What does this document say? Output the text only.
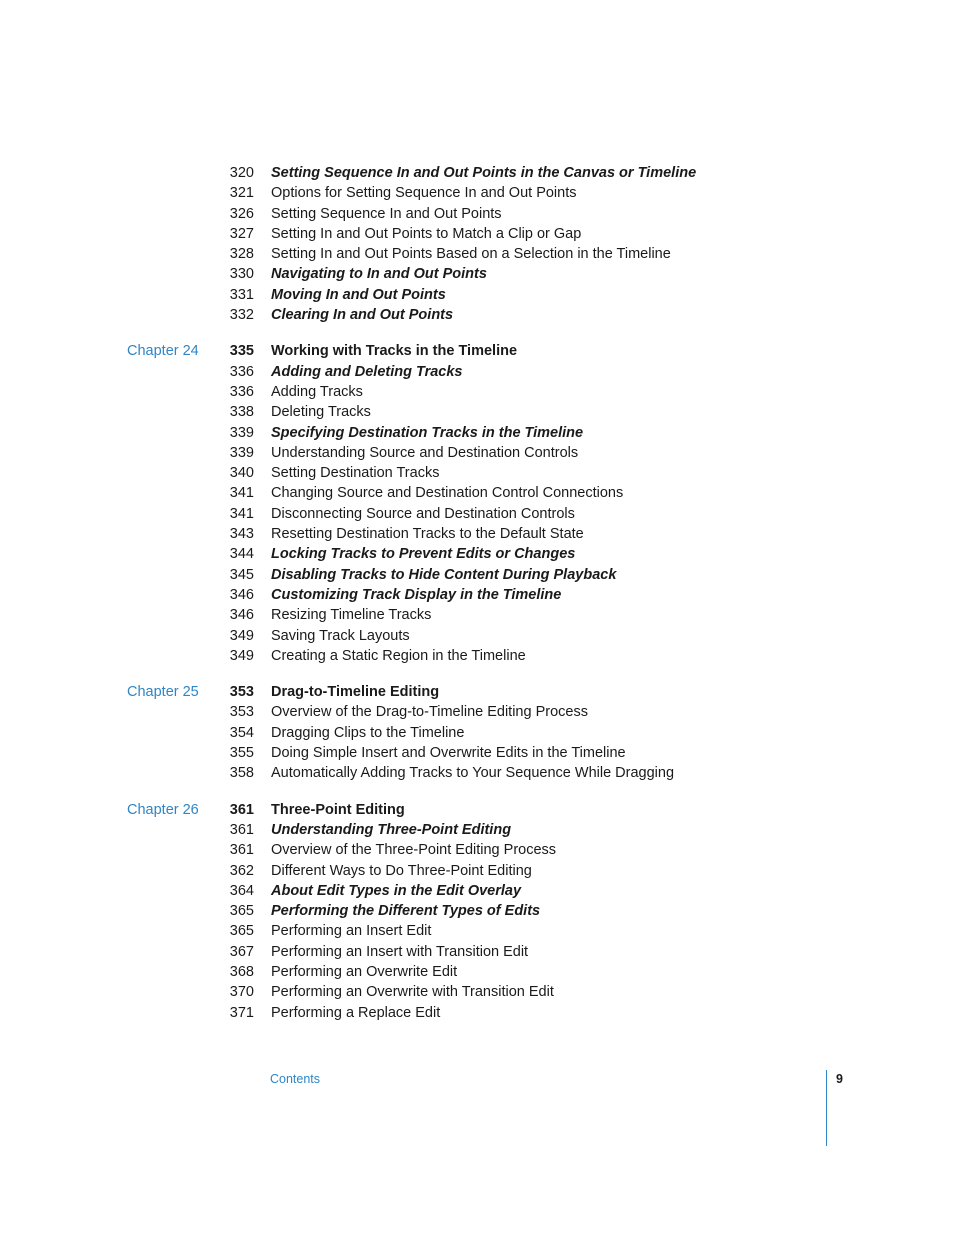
320 Setting Sequence In and Out Points in the Canvas or Timeline
321 Options for Setting Sequence In and Out Points
326 Setting Sequence In and Out Points
327 Setting In and Out Points to Match a Clip or Gap
328 Setting In and Out Points Based on a Selection in the Timeline
330 Navigating to In and Out Points
331 Moving In and Out Points
332 Clearing In and Out Points
Chapter 24	335 Working with Tracks in the Timeline
336 Adding and Deleting Tracks
336 Adding Tracks
338 Deleting Tracks
339 Specifying Destination Tracks in the Timeline
339 Understanding Source and Destination Controls
340 Setting Destination Tracks
341 Changing Source and Destination Control Connections
341 Disconnecting Source and Destination Controls
343 Resetting Destination Tracks to the Default State
344 Locking Tracks to Prevent Edits or Changes
345 Disabling Tracks to Hide Content During Playback
346 Customizing Track Display in the Timeline
346 Resizing Timeline Tracks
349 Saving Track Layouts
349 Creating a Static Region in the Timeline
Chapter 25	353 Drag-to-Timeline Editing
353 Overview of the Drag-to-Timeline Editing Process
354 Dragging Clips to the Timeline
355 Doing Simple Insert and Overwrite Edits in the Timeline
358 Automatically Adding Tracks to Your Sequence While Dragging
Chapter 26	361 Three-Point Editing
361 Understanding Three-Point Editing
361 Overview of the Three-Point Editing Process
362 Different Ways to Do Three-Point Editing
364 About Edit Types in the Edit Overlay
365 Performing the Different Types of Edits
365 Performing an Insert Edit
367 Performing an Insert with Transition Edit
368 Performing an Overwrite Edit
370 Performing an Overwrite with Transition Edit
371 Performing a Replace Edit
Contents	9
